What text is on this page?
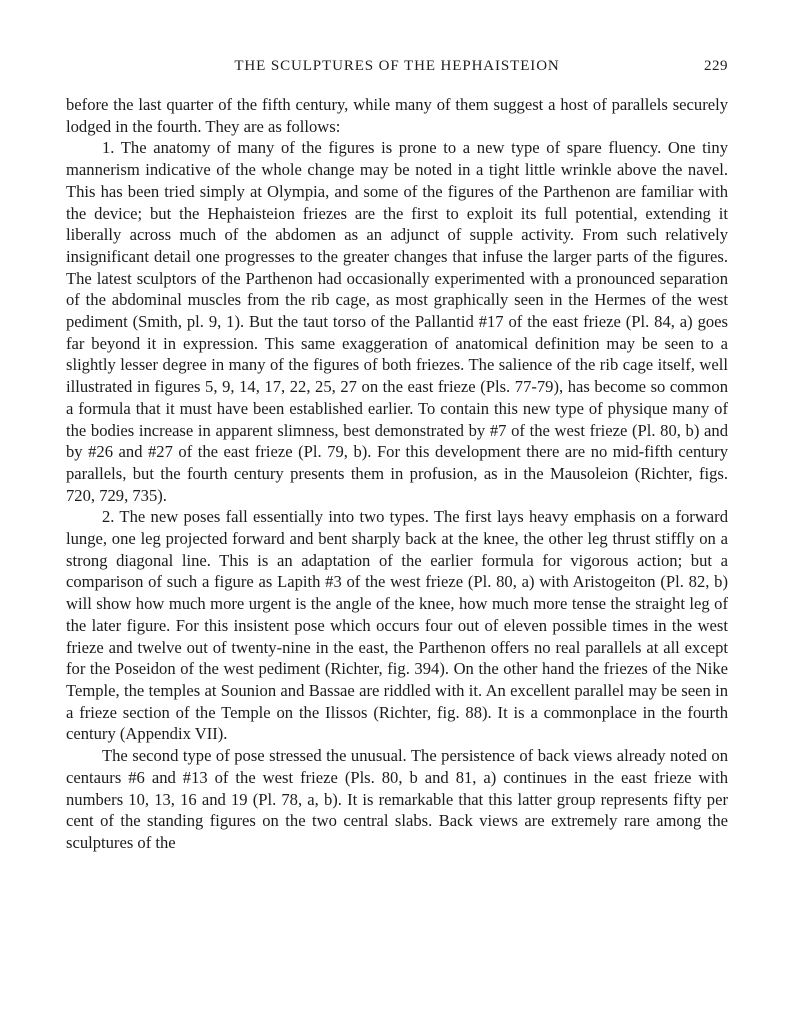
THE SCULPTURES OF THE HEPHAISTEION	229

before the last quarter of the fifth century, while many of them suggest a host of parallels securely lodged in the fourth. They are as follows:

1. The anatomy of many of the figures is prone to a new type of spare fluency. One tiny mannerism indicative of the whole change may be noted in a tight little wrinkle above the navel. This has been tried simply at Olympia, and some of the figures of the Parthenon are familiar with the device; but the Hephaisteion friezes are the first to exploit its full potential, extending it liberally across much of the abdomen as an adjunct of supple activity. From such relatively insignificant detail one progresses to the greater changes that infuse the larger parts of the figures. The latest sculptors of the Parthenon had occasionally experimented with a pronounced separation of the abdominal muscles from the rib cage, as most graphically seen in the Hermes of the west pediment (Smith, pl. 9, 1). But the taut torso of the Pallantid #17 of the east frieze (Pl. 84, a) goes far beyond it in expression. This same exaggeration of anatomical definition may be seen to a slightly lesser degree in many of the figures of both friezes. The salience of the rib cage itself, well illustrated in figures 5, 9, 14, 17, 22, 25, 27 on the east frieze (Pls. 77-79), has become so common a formula that it must have been established earlier. To contain this new type of physique many of the bodies increase in apparent slimness, best demonstrated by #7 of the west frieze (Pl. 80, b) and by #26 and #27 of the east frieze (Pl. 79, b). For this development there are no mid-fifth century parallels, but the fourth century presents them in profusion, as in the Mausoleion (Richter, figs. 720, 729, 735).

2. The new poses fall essentially into two types. The first lays heavy emphasis on a forward lunge, one leg projected forward and bent sharply back at the knee, the other leg thrust stiffly on a strong diagonal line. This is an adaptation of the earlier formula for vigorous action; but a comparison of such a figure as Lapith #3 of the west frieze (Pl. 80, a) with Aristogeiton (Pl. 82, b) will show how much more urgent is the angle of the knee, how much more tense the straight leg of the later figure. For this insistent pose which occurs four out of eleven possible times in the west frieze and twelve out of twenty-nine in the east, the Parthenon offers no real parallels at all except for the Poseidon of the west pediment (Richter, fig. 394). On the other hand the friezes of the Nike Temple, the temples at Sounion and Bassae are riddled with it. An excellent parallel may be seen in a frieze section of the Temple on the Ilissos (Richter, fig. 88). It is a commonplace in the fourth century (Appendix VII).

The second type of pose stressed the unusual. The persistence of back views already noted on centaurs #6 and #13 of the west frieze (Pls. 80, b and 81, a) continues in the east frieze with numbers 10, 13, 16 and 19 (Pl. 78, a, b). It is remarkable that this latter group represents fifty per cent of the standing figures on the two central slabs. Back views are extremely rare among the sculptures of the
